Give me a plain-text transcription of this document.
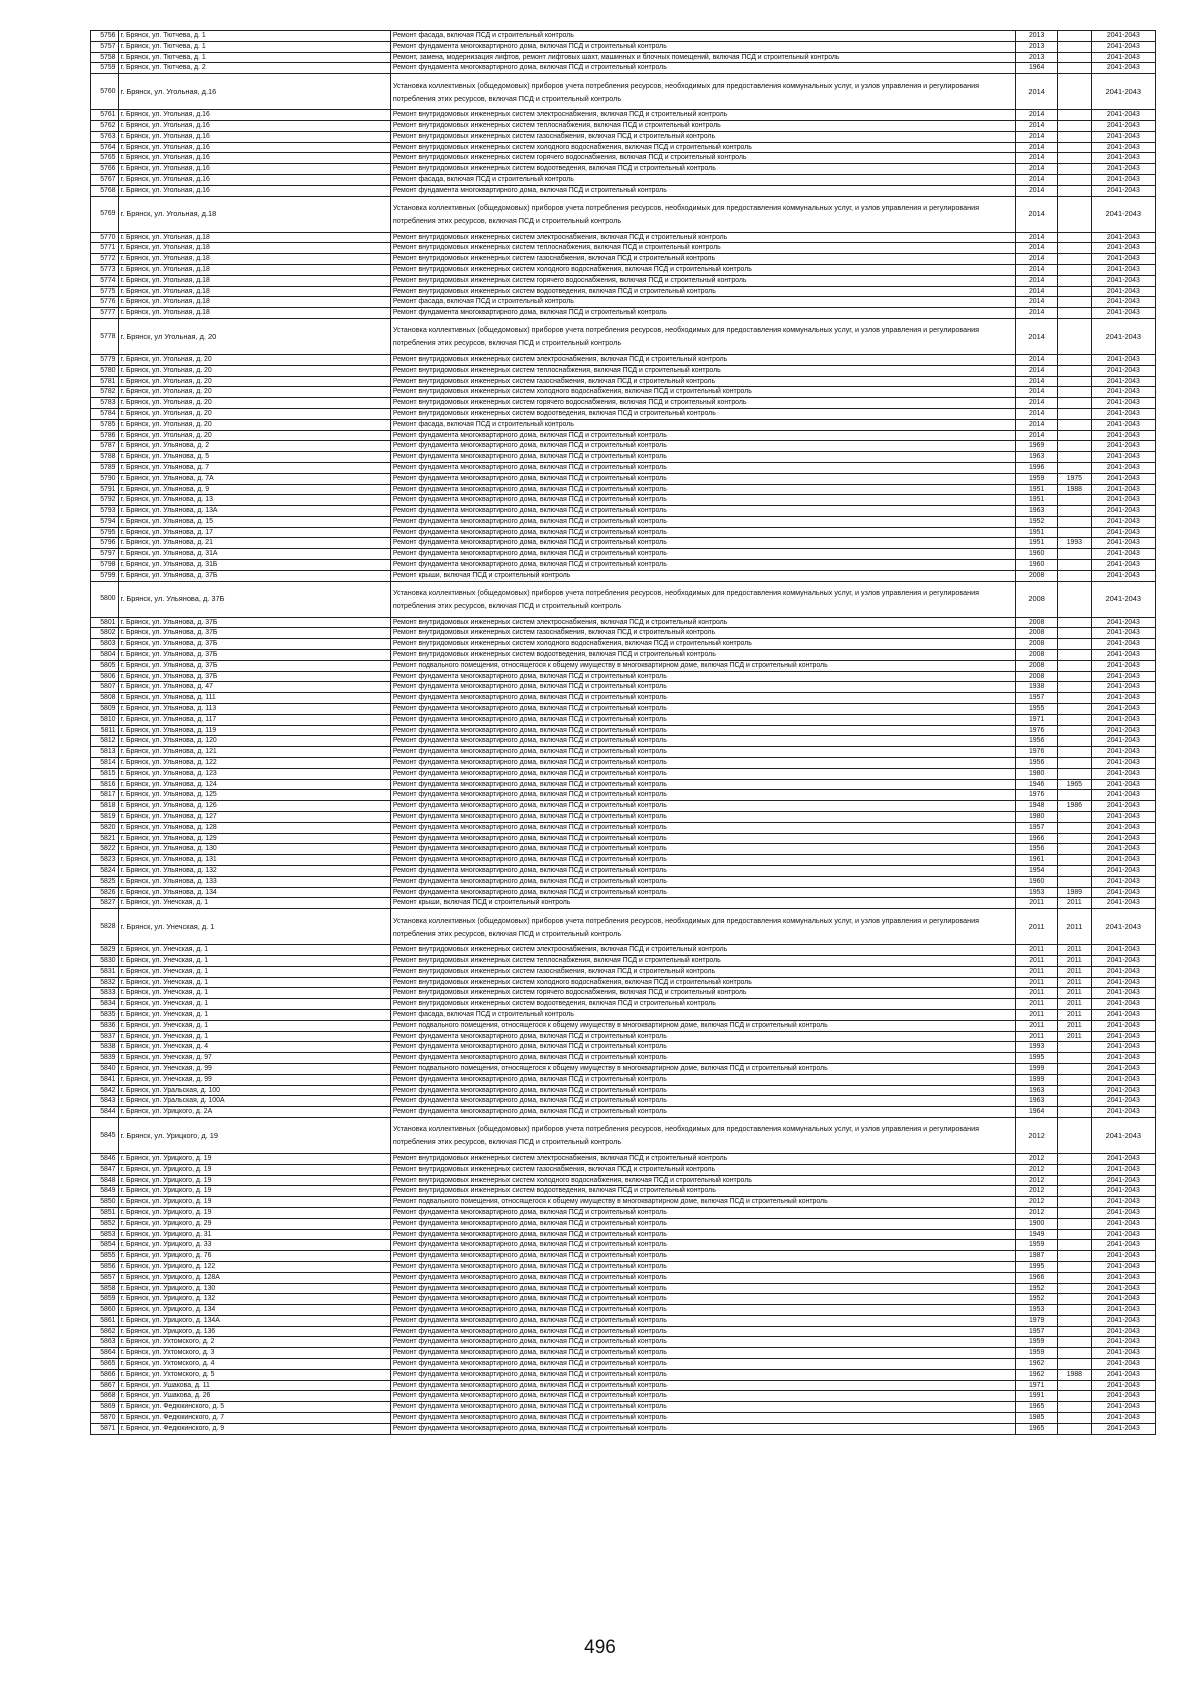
5756	г. Брянск, ул. Тютчева, д. 1	Ремонт фасада, включая ПСД и строительный контроль	2013		2041-2043
5757	г. Брянск, ул. Тютчева, д. 1	Ремонт фундамента многоквартирного дома, включая ПСД и строительный контроль	2013		2041-2043
5758	г. Брянск, ул. Тютчева, д. 1	Ремонт, замена, модернизация лифтов, ремонт лифтовых шахт, машинных и блочных помещений, включая ПСД и строительный контроль	2013		2041-2043
5759	г. Брянск, ул. Тютчева, д. 2	Ремонт фундамента многоквартирного дома, включая ПСД и строительный контроль	1964		2041-2043
5760	г. Брянск, ул. Угольная, д.16	Установка коллективных (общедомовых) приборов учета потребления ресурсов, необходимых для предоставления коммунальных услуг, и узлов управления и регулирования потребления этих ресурсов, включая ПСД и строительный контроль	2014		2041-2043
5761	г. Брянск, ул. Угольная, д.16	Ремонт внутридомовых инженерных систем электроснабжения, включая ПСД и строительный контроль	2014		2041-2043
5762	г. Брянск, ул. Угольная, д.16	Ремонт внутридомовых инженерных систем теплоснабжения, включая ПСД и строительный контроль	2014		2041-2043
5763	г. Брянск, ул. Угольная, д.16	Ремонт внутридомовых инженерных систем газоснабжения, включая ПСД и строительный контроль	2014		2041-2043
5764	г. Брянск, ул. Угольная, д.16	Ремонт внутридомовых инженерных систем холодного водоснабжения, включая ПСД и строительный контроль	2014		2041-2043
5765	г. Брянск, ул. Угольная, д.16	Ремонт внутридомовых инженерных систем горячего водоснабжения, включая ПСД и строительный контроль	2014		2041-2043
5766	г. Брянск, ул. Угольная, д.16	Ремонт внутридомовых инженерных систем водоотведения, включая ПСД и строительный контроль	2014		2041-2043
5767	г. Брянск, ул. Угольная, д.16	Ремонт фасада, включая ПСД и строительный контроль	2014		2041-2043
5768	г. Брянск, ул. Угольная, д.16	Ремонт фундамента многоквартирного дома, включая ПСД и строительный контроль	2014		2041-2043
5769	г. Брянск, ул. Угольная, д.18	Установка коллективных (общедомовых) приборов учета потребления ресурсов, необходимых для предоставления коммунальных услуг, и узлов управления и регулирования потребления этих ресурсов, включая ПСД и строительный контроль	2014		2041-2043
5770	г. Брянск, ул. Угольная, д.18	Ремонт внутридомовых инженерных систем электроснабжения, включая ПСД и строительный контроль	2014		2041-2043
5771	г. Брянск, ул. Угольная, д.18	Ремонт внутридомовых инженерных систем теплоснабжения, включая ПСД и строительный контроль	2014		2041-2043
5772	г. Брянск, ул. Угольная, д.18	Ремонт внутридомовых инженерных систем газоснабжения, включая ПСД и строительный контроль	2014		2041-2043
5773	г. Брянск, ул. Угольная, д.18	Ремонт внутридомовых инженерных систем холодного водоснабжения, включая ПСД и строительный контроль	2014		2041-2043
5774	г. Брянск, ул. Угольная, д.18	Ремонт внутридомовых инженерных систем горячего водоснабжения, включая ПСД и строительный контроль	2014		2041-2043
5775	г. Брянск, ул. Угольная, д.18	Ремонт внутридомовых инженерных систем водоотведения, включая ПСД и строительный контроль	2014		2041-2043
5776	г. Брянск, ул. Угольная, д.18	Ремонт фасада, включая ПСД и строительный контроль	2014		2041-2043
5777	г. Брянск, ул. Угольная, д.18	Ремонт фундамента многоквартирного дома, включая ПСД и строительный контроль	2014		2041-2043
5778	г. Брянск, ул Угольная, д. 20	Установка коллективных (общедомовых) приборов учета потребления ресурсов, необходимых для предоставления коммунальных услуг, и узлов управления и регулирования потребления этих ресурсов, включая ПСД и строительный контроль	2014		2041-2043
5779	г. Брянск, ул. Угольная, д. 20	Ремонт внутридомовых инженерных систем электроснабжения, включая ПСД и строительный контроль	2014		2041-2043
5780	г. Брянск, ул. Угольная, д. 20	Ремонт внутридомовых инженерных систем теплоснабжения, включая ПСД и строительный контроль	2014		2041-2043
5781	г. Брянск, ул. Угольная, д. 20	Ремонт внутридомовых инженерных систем газоснабжения, включая ПСД и строительный контроль	2014		2041-2043
5782	г. Брянск, ул. Угольная, д. 20	Ремонт внутридомовых инженерных систем холодного водоснабжения, включая ПСД и строительный контроль	2014		2041-2043
5783	г. Брянск, ул. Угольная, д. 20	Ремонт внутридомовых инженерных систем горячего водоснабжения, включая ПСД и строительный контроль	2014		2041-2043
5784	г. Брянск, ул. Угольная, д. 20	Ремонт внутридомовых инженерных систем водоотведения, включая ПСД и строительный контроль	2014		2041-2043
5785	г. Брянск, ул. Угольная, д. 20	Ремонт фасада, включая ПСД и строительный контроль	2014		2041-2043
5786	г. Брянск, ул. Угольная, д. 20	Ремонт фундамента многоквартирного дома, включая ПСД и строительный контроль	2014		2041-2043
5787	г. Брянск, ул. Ульянова, д. 2	Ремонт фундамента многоквартирного дома, включая ПСД и строительный контроль	1969		2041-2043
5788	г. Брянск, ул. Ульянова, д. 5	Ремонт фундамента многоквартирного дома, включая ПСД и строительный контроль	1963		2041-2043
5789	г. Брянск, ул. Ульянова, д. 7	Ремонт фундамента многоквартирного дома, включая ПСД и строительный контроль	1996		2041-2043
5790	г. Брянск, ул. Ульянова, д. 7А	Ремонт фундамента многоквартирного дома, включая ПСД и строительный контроль	1959	1975	2041-2043
5791	г. Брянск, ул. Ульянова, д. 9	Ремонт фундамента многоквартирного дома, включая ПСД и строительный контроль	1951	1988	2041-2043
5792	г. Брянск, ул. Ульянова, д. 13	Ремонт фундамента многоквартирного дома, включая ПСД и строительный контроль	1951		2041-2043
5793	г. Брянск, ул. Ульянова, д. 13А	Ремонт фундамента многоквартирного дома, включая ПСД и строительный контроль	1963		2041-2043
5794	г. Брянск, ул. Ульянова, д. 15	Ремонт фундамента многоквартирного дома, включая ПСД и строительный контроль	1952		2041-2043
5795	г. Брянск, ул. Ульянова, д. 17	Ремонт фундамента многоквартирного дома, включая ПСД и строительный контроль	1951		2041-2043
5796	г. Брянск, ул. Ульянова, д. 21	Ремонт фундамента многоквартирного дома, включая ПСД и строительный контроль	1951	1993	2041-2043
5797	г. Брянск, ул. Ульянова, д. 31А	Ремонт фундамента многоквартирного дома, включая ПСД и строительный контроль	1960		2041-2043
5798	г. Брянск, ул. Ульянова, д. 31Б	Ремонт фундамента многоквартирного дома, включая ПСД и строительный контроль	1960		2041-2043
5799	г. Брянск, ул. Ульянова, д. 37Б	Ремонт крыши, включая ПСД и строительный контроль	2008		2041-2043
5800	г. Брянск, ул. Ульянова, д. 37Б	Установка коллективных (общедомовых) приборов учета потребления ресурсов, необходимых для предоставления коммунальных услуг, и узлов управления и регулирования потребления этих ресурсов, включая ПСД и строительный контроль	2008		2041-2043
5801	г. Брянск, ул. Ульянова, д. 37Б	Ремонт внутридомовых инженерных систем электроснабжения, включая ПСД и строительный контроль	2008		2041-2043
5802	г. Брянск, ул. Ульянова, д. 37Б	Ремонт внутридомовых инженерных систем газоснабжения, включая ПСД и строительный контроль	2008		2041-2043
5803	г. Брянск, ул. Ульянова, д. 37Б	Ремонт внутридомовых инженерных систем холодного водоснабжения, включая ПСД и строительный контроль	2008		2041-2043
5804	г. Брянск, ул. Ульянова, д. 37Б	Ремонт внутридомовых инженерных систем водоотведения, включая ПСД и строительный контроль	2008		2041-2043
5805	г. Брянск, ул. Ульянова, д. 37Б	Ремонт подвального помещения, относящегося к общему имуществу в многоквартирном доме, включая ПСД и строительный контроль	2008		2041-2043
5806	г. Брянск, ул. Ульянова, д. 37Б	Ремонт фундамента многоквартирного дома, включая ПСД и строительный контроль	2008		2041-2043
5807	г. Брянск, ул. Ульянова, д. 47	Ремонт фундамента многоквартирного дома, включая ПСД и строительный контроль	1938		2041-2043
5808	г. Брянск, ул. Ульянова, д. 111	Ремонт фундамента многоквартирного дома, включая ПСД и строительный контроль	1957		2041-2043
5809	г. Брянск, ул. Ульянова, д. 113	Ремонт фундамента многоквартирного дома, включая ПСД и строительный контроль	1955		2041-2043
5810	г. Брянск, ул. Ульянова, д. 117	Ремонт фундамента многоквартирного дома, включая ПСД и строительный контроль	1971		2041-2043
5811	г. Брянск, ул. Ульянова, д. 119	Ремонт фундамента многоквартирного дома, включая ПСД и строительный контроль	1976		2041-2043
5812	г. Брянск, ул. Ульянова, д. 120	Ремонт фундамента многоквартирного дома, включая ПСД и строительный контроль	1956		2041-2043
5813	г. Брянск, ул. Ульянова, д. 121	Ремонт фундамента многоквартирного дома, включая ПСД и строительный контроль	1976		2041-2043
5814	г. Брянск, ул. Ульянова, д. 122	Ремонт фундамента многоквартирного дома, включая ПСД и строительный контроль	1956		2041-2043
5815	г. Брянск, ул. Ульянова, д. 123	Ремонт фундамента многоквартирного дома, включая ПСД и строительный контроль	1980		2041-2043
5816	г. Брянск, ул. Ульянова, д. 124	Ремонт фундамента многоквартирного дома, включая ПСД и строительный контроль	1946	1965	2041-2043
5817	г. Брянск, ул. Ульянова, д. 125	Ремонт фундамента многоквартирного дома, включая ПСД и строительный контроль	1976		2041-2043
5818	г. Брянск, ул. Ульянова, д. 126	Ремонт фундамента многоквартирного дома, включая ПСД и строительный контроль	1948	1986	2041-2043
5819	г. Брянск, ул. Ульянова, д. 127	Ремонт фундамента многоквартирного дома, включая ПСД и строительный контроль	1980		2041-2043
5820	г. Брянск, ул. Ульянова, д. 128	Ремонт фундамента многоквартирного дома, включая ПСД и строительный контроль	1957		2041-2043
5821	г. Брянск, ул. Ульянова, д. 129	Ремонт фундамента многоквартирного дома, включая ПСД и строительный контроль	1966		2041-2043
5822	г. Брянск, ул. Ульянова, д. 130	Ремонт фундамента многоквартирного дома, включая ПСД и строительный контроль	1956		2041-2043
5823	г. Брянск, ул. Ульянова, д. 131	Ремонт фундамента многоквартирного дома, включая ПСД и строительный контроль	1961		2041-2043
5824	г. Брянск, ул. Ульянова, д. 132	Ремонт фундамента многоквартирного дома, включая ПСД и строительный контроль	1954		2041-2043
5825	г. Брянск, ул. Ульянова, д. 133	Ремонт фундамента многоквартирного дома, включая ПСД и строительный контроль	1960		2041-2043
5826	г. Брянск, ул. Ульянова, д. 134	Ремонт фундамента многоквартирного дома, включая ПСД и строительный контроль	1953	1989	2041-2043
5827	г. Брянск, ул. Унечская, д. 1	Ремонт крыши, включая ПСД и строительный контроль	2011	2011	2041-2043
5828	г. Брянск, ул. Унечская, д. 1	Установка коллективных (общедомовых) приборов учета потребления ресурсов, необходимых для предоставления коммунальных услуг, и узлов управления и регулирования потребления этих ресурсов, включая ПСД и строительный контроль	2011	2011	2041-2043
5829	г. Брянск, ул. Унечская, д. 1	Ремонт внутридомовых инженерных систем электроснабжения, включая ПСД и строительный контроль	2011	2011	2041-2043
5830	г. Брянск, ул. Унечская, д. 1	Ремонт внутридомовых инженерных систем теплоснабжения, включая ПСД и строительный контроль	2011	2011	2041-2043
5831	г. Брянск, ул. Унечская, д. 1	Ремонт внутридомовых инженерных систем газоснабжения, включая ПСД и строительный контроль	2011	2011	2041-2043
5832	г. Брянск, ул. Унечская, д. 1	Ремонт внутридомовых инженерных систем холодного водоснабжения, включая ПСД и строительный контроль	2011	2011	2041-2043
5833	г. Брянск, ул. Унечская, д. 1	Ремонт внутридомовых инженерных систем горячего водоснабжения, включая ПСД и строительный контроль	2011	2011	2041-2043
5834	г. Брянск, ул. Унечская, д. 1	Ремонт внутридомовых инженерных систем водоотведения, включая ПСД и строительный контроль	2011	2011	2041-2043
5835	г. Брянск, ул. Унечская, д. 1	Ремонт фасада, включая ПСД и строительный контроль	2011	2011	2041-2043
5836	г. Брянск, ул. Унечская, д. 1	Ремонт подвального помещения, относящегося к общему имуществу в многоквартирном доме, включая ПСД и строительный контроль	2011	2011	2041-2043
5837	г. Брянск, ул. Унечская, д. 1	Ремонт фундамента многоквартирного дома, включая ПСД и строительный контроль	2011	2011	2041-2043
5838	г. Брянск, ул. Унечская, д. 4	Ремонт фундамента многоквартирного дома, включая ПСД и строительный контроль	1993		2041-2043
5839	г. Брянск, ул. Унечская, д. 97	Ремонт фундамента многоквартирного дома, включая ПСД и строительный контроль	1995		2041-2043
5840	г. Брянск, ул. Унечская, д. 99	Ремонт подвального помещения, относящегося к общему имуществу в многоквартирном доме, включая ПСД и строительный контроль	1999		2041-2043
5841	г. Брянск, ул. Унечская, д. 99	Ремонт фундамента многоквартирного дома, включая ПСД и строительный контроль	1999		2041-2043
5842	г. Брянск, ул. Уральская, д. 100	Ремонт фундамента многоквартирного дома, включая ПСД и строительный контроль	1963		2041-2043
5843	г. Брянск, ул. Уральская, д. 100А	Ремонт фундамента многоквартирного дома, включая ПСД и строительный контроль	1963		2041-2043
5844	г. Брянск, ул. Урицкого, д. 2А	Ремонт фундамента многоквартирного дома, включая ПСД и строительный контроль	1964		2041-2043
5845	г. Брянск, ул. Урицкого, д. 19	Установка коллективных (общедомовых) приборов учета потребления ресурсов, необходимых для предоставления коммунальных услуг, и узлов управления и регулирования потребления этих ресурсов, включая ПСД и строительный контроль	2012		2041-2043
5846	г. Брянск, ул. Урицкого, д. 19	Ремонт внутридомовых инженерных систем электроснабжения, включая ПСД и строительный контроль	2012		2041-2043
5847	г. Брянск, ул. Урицкого, д. 19	Ремонт внутридомовых инженерных систем газоснабжения, включая ПСД и строительный контроль	2012		2041-2043
5848	г. Брянск, ул. Урицкого, д. 19	Ремонт внутридомовых инженерных систем холодного водоснабжения, включая ПСД и строительный контроль	2012		2041-2043
5849	г. Брянск, ул. Урицкого, д. 19	Ремонт внутридомовых инженерных систем водоотведения, включая ПСД и строительный контроль	2012		2041-2043
5850	г. Брянск, ул. Урицкого, д. 19	Ремонт подвального помещения, относящегося к общему имуществу в многоквартирном доме, включая ПСД и строительный контроль	2012		2041-2043
5851	г. Брянск, ул. Урицкого, д. 19	Ремонт фундамента многоквартирного дома, включая ПСД и строительный контроль	2012		2041-2043
5852	г. Брянск, ул. Урицкого, д. 29	Ремонт фундамента многоквартирного дома, включая ПСД и строительный контроль	1900		2041-2043
5853	г. Брянск, ул. Урицкого, д. 31	Ремонт фундамента многоквартирного дома, включая ПСД и строительный контроль	1949		2041-2043
5854	г. Брянск, ул. Урицкого, д. 33	Ремонт фундамента многоквартирного дома, включая ПСД и строительный контроль	1959		2041-2043
5855	г. Брянск, ул. Урицкого, д. 76	Ремонт фундамента многоквартирного дома, включая ПСД и строительный контроль	1987		2041-2043
5856	г. Брянск, ул. Урицкого, д. 122	Ремонт фундамента многоквартирного дома, включая ПСД и строительный контроль	1995		2041-2043
5857	г. Брянск, ул. Урицкого, д. 128А	Ремонт фундамента многоквартирного дома, включая ПСД и строительный контроль	1966		2041-2043
5858	г. Брянск, ул. Урицкого, д. 130	Ремонт фундамента многоквартирного дома, включая ПСД и строительный контроль	1952		2041-2043
5859	г. Брянск, ул. Урицкого, д. 132	Ремонт фундамента многоквартирного дома, включая ПСД и строительный контроль	1952		2041-2043
5860	г. Брянск, ул. Урицкого, д. 134	Ремонт фундамента многоквартирного дома, включая ПСД и строительный контроль	1953		2041-2043
5861	г. Брянск, ул. Урицкого, д. 134А	Ремонт фундамента многоквартирного дома, включая ПСД и строительный контроль	1979		2041-2043
5862	г. Брянск, ул. Урицкого, д. 136	Ремонт фундамента многоквартирного дома, включая ПСД и строительный контроль	1957		2041-2043
5863	г. Брянск, ул. Ухтомского, д. 2	Ремонт фундамента многоквартирного дома, включая ПСД и строительный контроль	1959		2041-2043
5864	г. Брянск, ул. Ухтомского, д. 3	Ремонт фундамента многоквартирного дома, включая ПСД и строительный контроль	1959		2041-2043
5865	г. Брянск, ул. Ухтомского, д. 4	Ремонт фундамента многоквартирного дома, включая ПСД и строительный контроль	1962		2041-2043
5866	г. Брянск, ул. Ухтомского, д. 5	Ремонт фундамента многоквартирного дома, включая ПСД и строительный контроль	1962	1988	2041-2043
5867	г. Брянск, ул. Ушакова, д. 11	Ремонт фундамента многоквартирного дома, включая ПСД и строительный контроль	1971		2041-2043
5868	г. Брянск, ул. Ушакова, д. 26	Ремонт фундамента многоквартирного дома, включая ПСД и строительный контроль	1991		2041-2043
5869	г. Брянск, ул. Федюкинского, д. 5	Ремонт фундамента многоквартирного дома, включая ПСД и строительный контроль	1965		2041-2043
5870	г. Брянск, ул. Федюкинского, д. 7	Ремонт фундамента многоквартирного дома, включая ПСД и строительный контроль	1985		2041-2043
5871	г. Брянск, ул. Федюкинского, д. 9	Ремонт фундамента многоквартирного дома, включая ПСД и строительный контроль	1965		2041-2043
496
